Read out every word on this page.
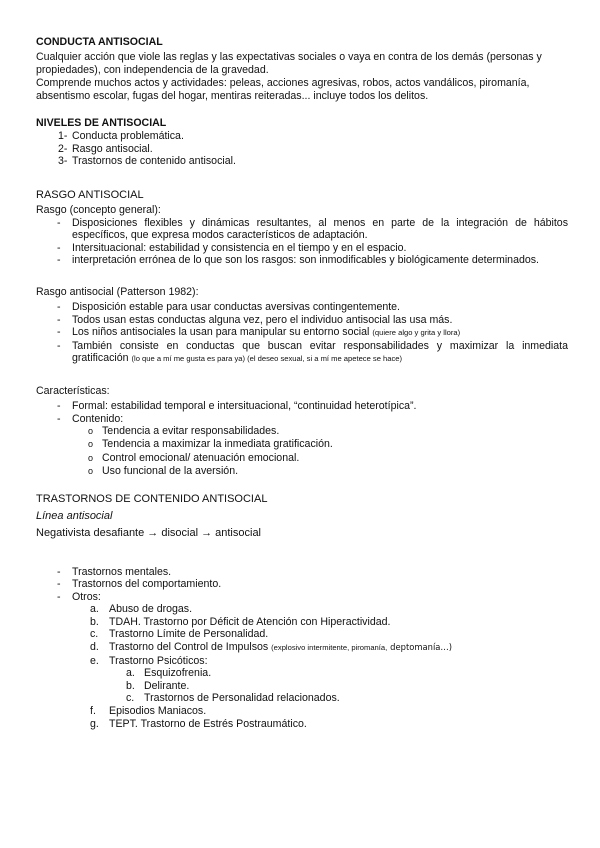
CONDUCTA ANTISOCIAL

Cualquier acción que viole las reglas y las expectativas sociales o vaya en contra de los demás (personas y propiedades), con independencia de la gravedad.

Comprende muchos actos y actividades: peleas, acciones agresivas, robos, actos vandálicos, piromanía, absentismo escolar, fugas del hogar, mentiras reiteradas... incluye todos los delitos.

NIVELES DE ANTISOCIAL

1- Conducta problemática.
2- Rasgo antisocial.
3- Trastornos de contenido antisocial.

RASGO ANTISOCIAL

Rasgo (concepto general):

- Disposiciones flexibles y dinámicas resultantes, al menos en parte de la integración de hábitos específicos, que expresa modos característicos de adaptación.
- Intersituacional: estabilidad y consistencia en el tiempo y en el espacio.
- interpretación errónea de lo que son los rasgos: son inmodificables y biológicamente determinados.

Rasgo antisocial (Patterson 1982):

- Disposición estable para usar conductas aversivas contingentemente.
- Todos usan estas conductas alguna vez, pero el individuo antisocial las usa más.
- Los niños antisociales la usan para manipular su entorno social (quiere algo y grita y llora)
- También consiste en conductas que buscan evitar responsabilidades y maximizar la inmediata gratificación (lo que a mí me gusta es para ya) (el deseo sexual, si a mí me apetece se hace)

Características:

- Formal: estabilidad temporal e intersituacional, “continuidad heterotípica”.
- Contenido:
o Tendencia a evitar responsabilidades.
o Tendencia a maximizar la inmediata gratificación.
o Control emocional/ atenuación emocional.
o Uso funcional de la aversión.

TRASTORNOS DE CONTENIDO ANTISOCIAL

Línea antisocial

Negativista desafiante → disocial → antisocial

- Trastornos mentales.
- Trastornos del comportamiento.
- Otros:
a. Abuso de drogas.
b. TDAH. Trastorno por Déficit de Atención con Hiperactividad.
c. Trastorno Límite de Personalidad.
d. Trastorno del Control de Impulsos (explosivo intermitente, piromanía, deptomanía…)
e. Trastorno Psicóticos:
a. Esquizofrenia.
b. Delirante.
c. Trastornos de Personalidad relacionados.
f. Episodios Maniacos.
g. TEPT. Trastorno de Estrés Postraumático.
